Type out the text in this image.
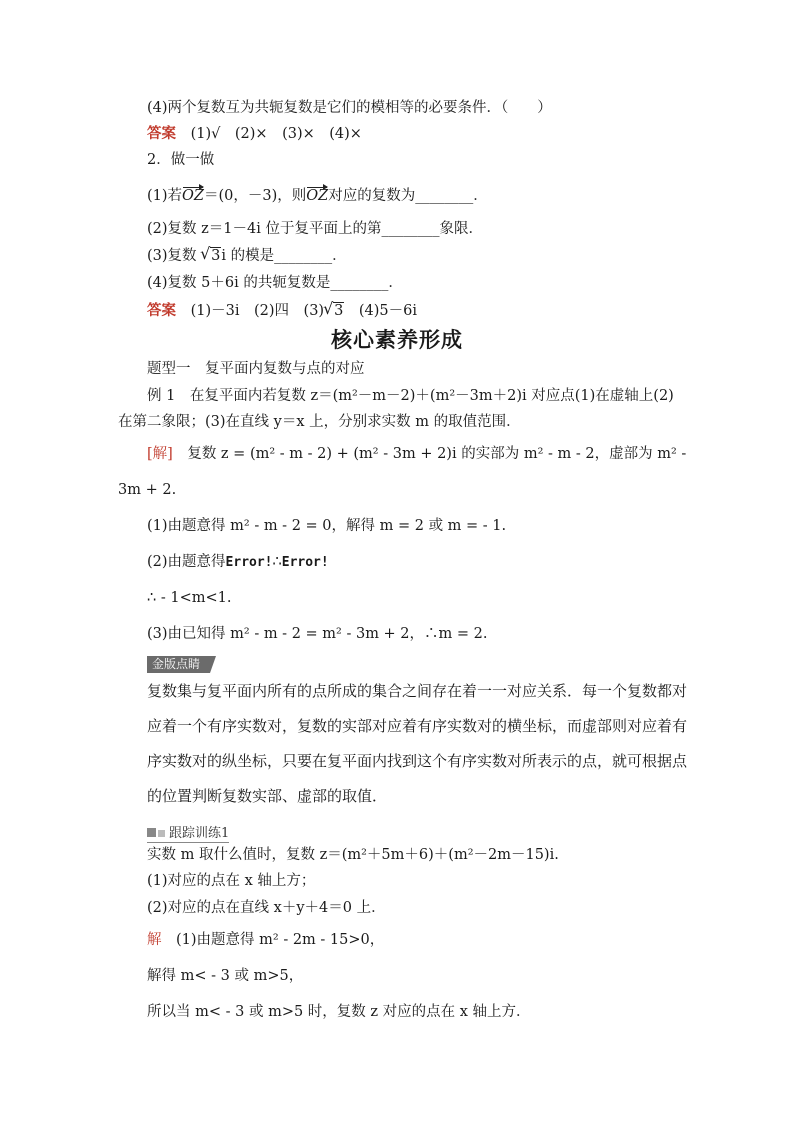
(4)两个复数互为共轭复数是它们的模相等的必要条件．（　　）
答案 (1)√　(2)×　(3)×　(4)×
2．做一做
(1)若OZ＝(0，－3)，则OZ对应的复数为________．
(2)复数 z＝1－4i 位于复平面上的第________象限．
(3)复数 √ 3i 的模是________．
(4)复数 5＋6i 的共轭复数是________．
答案 (1)－3i　(2)四　(3) √ 3　(4)5－6i
核心素养形成
题型一　复平面内复数与点的对应
例 1　在复平面内若复数 z＝(m²－m－2)＋(m²－3m＋2)i 对应点(1)在虚轴上(2)
在第二象限；(3)在直线 y＝x 上，分别求实数 m 的取值范围．
[解]　复数 z = (m² - m - 2) + (m² - 3m + 2)i 的实部为 m² - m - 2，虚部为 m² -
3m + 2.
(1)由题意得 m² - m - 2 = 0，解得 m = 2 或 m = - 1.
(2)由题意得Error!∴Error!
∴ - 1<m<1.
(3)由已知得 m² - m - 2 = m² - 3m + 2，∴m = 2.
金版点睛
复数集与复平面内所有的点所成的集合之间存在着一一对应关系．每一个复数都对应着一个有序实数对，复数的实部对应着有序实数对的横坐标，而虚部则对应着有序实数对的纵坐标，只要在复平面内找到这个有序实数对所表示的点，就可根据点的位置判断复数实部、虚部的取值．
跟踪训练1
实数 m 取什么值时，复数 z＝(m²＋5m＋6)＋(m²－2m－15)i.
(1)对应的点在 x 轴上方；
(2)对应的点在直线 x＋y＋4＝0 上．
解　(1)由题意得 m² - 2m - 15>0，
解得 m< - 3 或 m>5，
所以当 m< - 3 或 m>5 时，复数 z 对应的点在 x 轴上方．
